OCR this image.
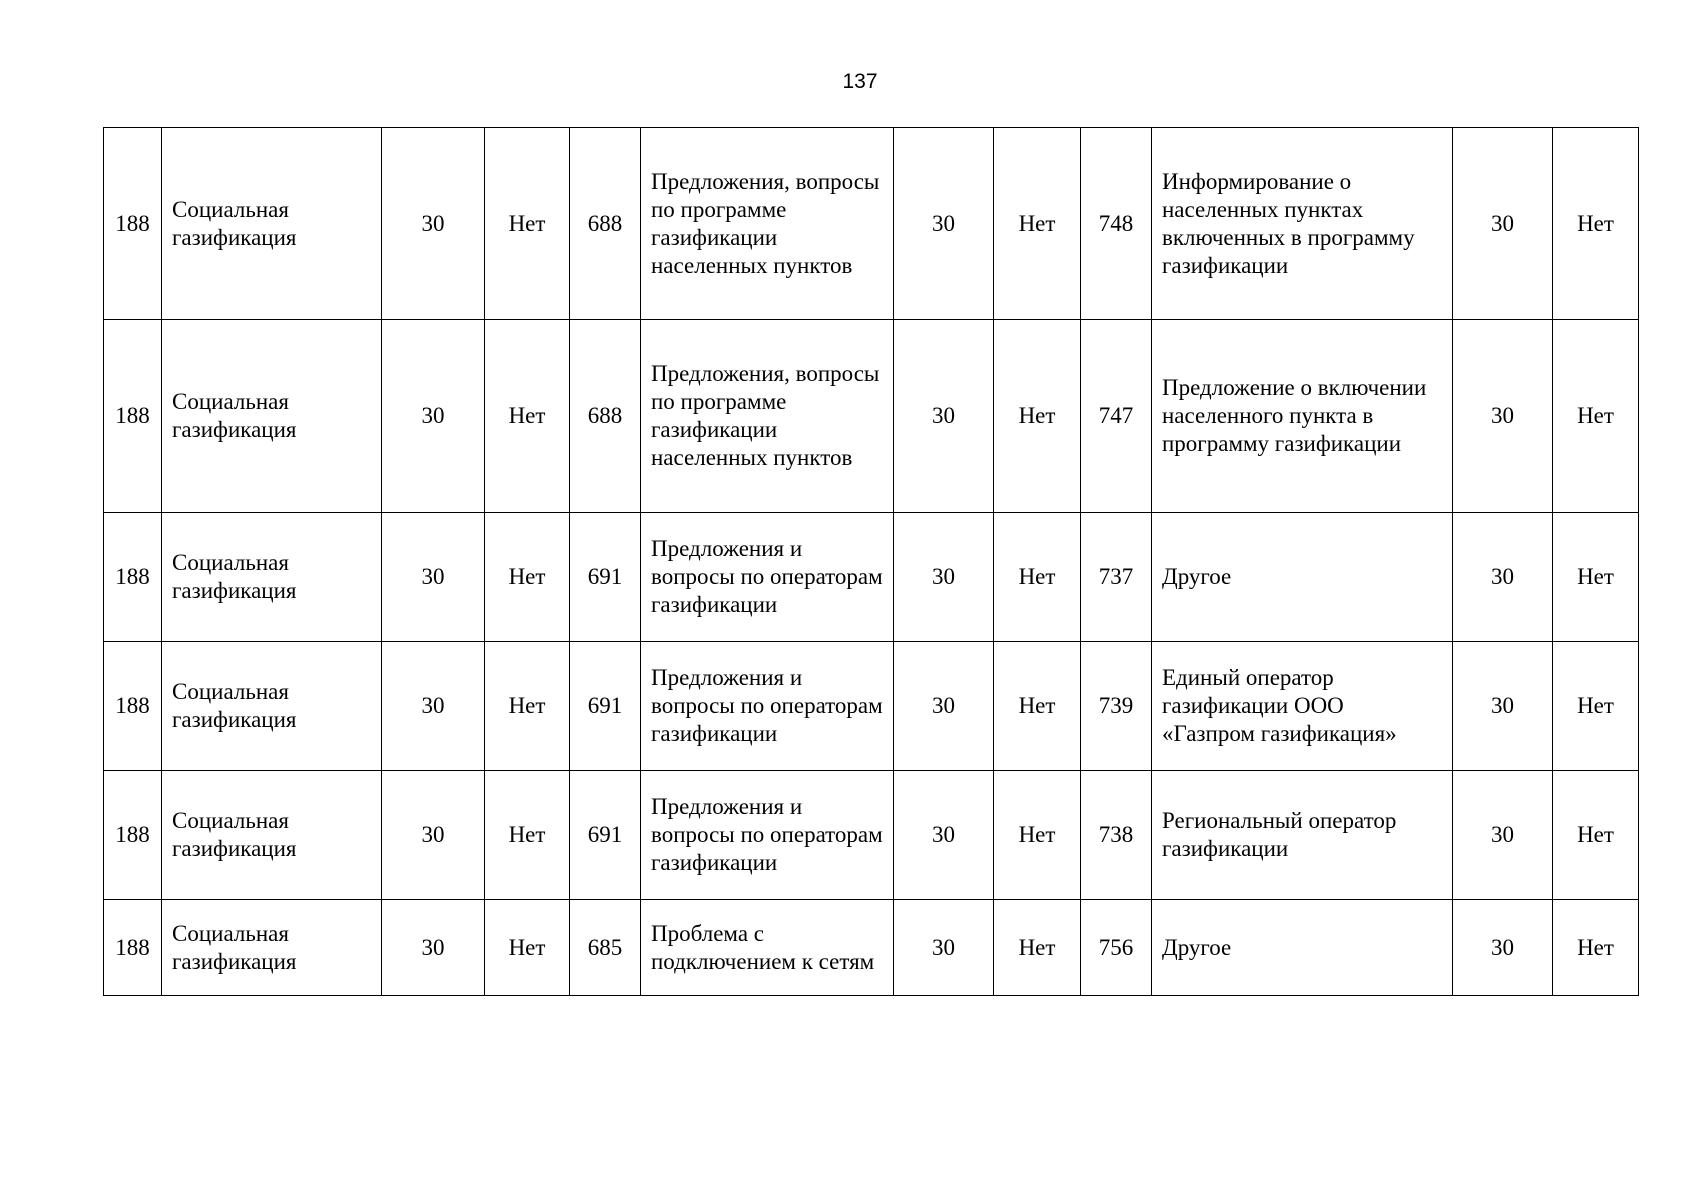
137
188	Социальная газификация	30	Нет	688	Предложения, вопросы по программе газификации населенных пунктов	30	Нет	748	Информирование о населенных пунктах включенных в программу газификации	30	Нет
188	Социальная газификация	30	Нет	688	Предложения, вопросы по программе газификации населенных пунктов	30	Нет	747	Предложение о включении населенного пункта в программу газификации	30	Нет
188	Социальная газификация	30	Нет	691	Предложения и вопросы по операторам газификации	30	Нет	737	Другое	30	Нет
188	Социальная газификация	30	Нет	691	Предложения и вопросы по операторам газификации	30	Нет	739	Единый оператор газификации ООО «Газпром газификация»	30	Нет
188	Социальная газификация	30	Нет	691	Предложения и вопросы по операторам газификации	30	Нет	738	Региональный оператор газификации	30	Нет
188	Социальная газификация	30	Нет	685	Проблема с подключением к сетям	30	Нет	756	Другое	30	Нет
